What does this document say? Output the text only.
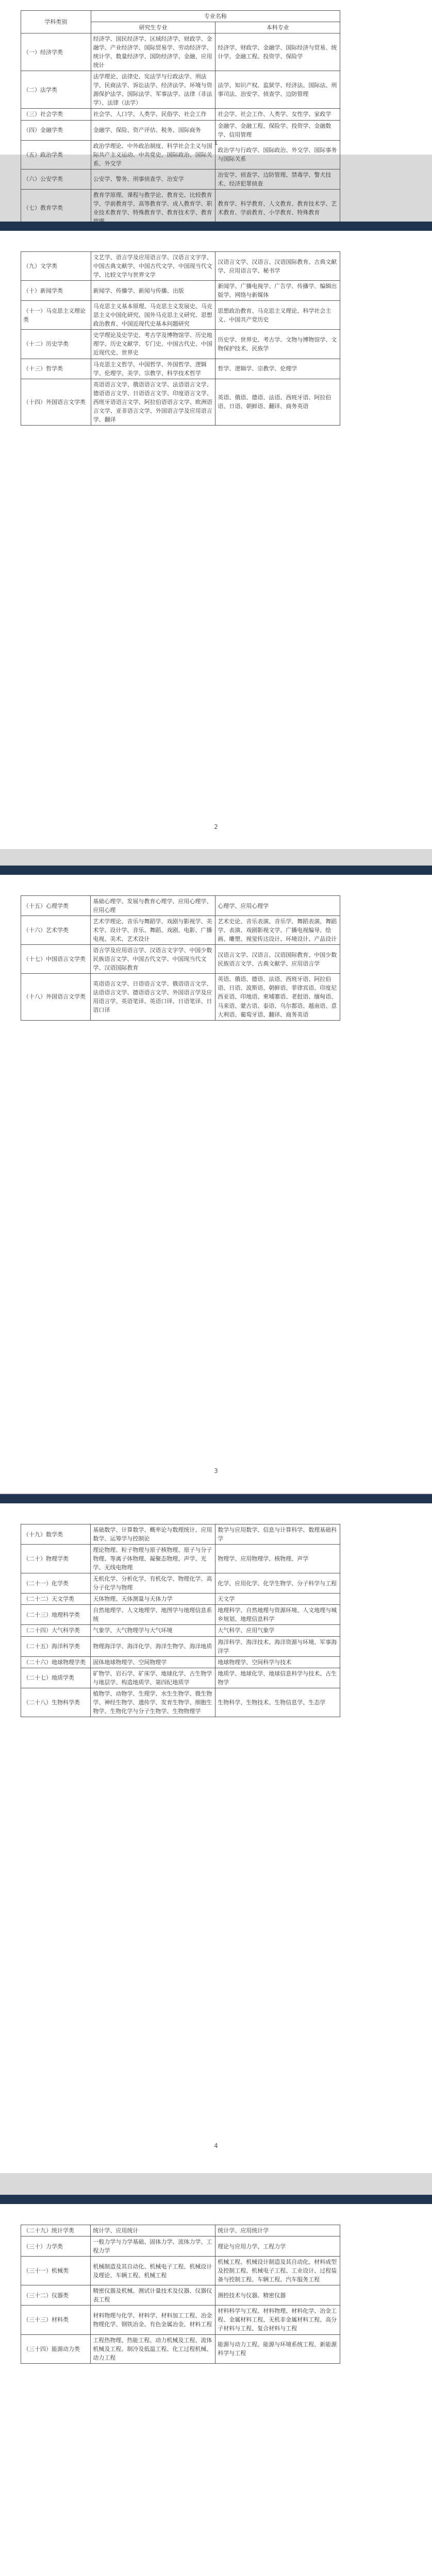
学科类别	专业名称	
	研究生专业	本科专业
（一）经济学类	经济学、国民经济学、区域经济学、财政学、金融学、产业经济学、国际贸易学、劳动经济学、统计学、数量经济学、国防经济学、金融、应用统计	经济学、财政学、金融学、国际经济与贸易、统计学、金融工程、投资学、保险学
（二）法学类	法学理论、法律史、宪法学与行政法学、刑法学、民商法学、诉讼法学、经济法学、环境与资源保护法学、国际法学、军事法学、法律（非法学）、法律（法学）	法学、知识产权、监狱学、经济法、国际法、刑事司法、治安学、侦查学、边防管理
（三）社会学类	社会学、人口学、人类学、民俗学、社会工作	社会学、社会工作、人类学、女性学、家政学
（四）金融学类	金融学、保险、资产评估、税务、国际商务	金融学、金融工程、保险学、投资学、金融数学、信用管理
（五）政治学类	政治学理论、中外政治制度、科学社会主义与国际共产主义运动、中共党史、国际政治、国际关系、外交学	政治学与行政学、国际政治、外交学、国际事务与国际关系
（六）公安学类	公安学、警务、刑事侦查学、治安学	治安学、侦查学、边防管理、禁毒学、警犬技术、经济犯罪侦查
（七）教育学类	教育学原理、课程与教学论、教育史、比较教育学、学前教育学、高等教育学、成人教育学、职业技术教育学、特殊教育学、教育技术学、教育	教育学、科学教育、人文教育、教育技术学、艺术教育、学前教育、小学教育、特殊教育

1
（九）文学类	文艺学、语言学及应用语言学、汉语言文字学、中国古典文献学、中国古代文学、中国现当代文学、比较文学与世界文学	汉语言文学、汉语言、汉语国际教育、古典文献学、应用语言学、秘书学
（十）新闻学类	新闻学、传播学、新闻与传播、出版	新闻学、广播电视学、广告学、传播学、编辑出版学、网络与新媒体
（十一）马克思主义理论类	马克思主义基本原理、马克思主义发展史、马克思主义中国化研究、国外马克思主义研究、思想政治教育、中国近现代史基本问题研究	思想政治教育、马克思主义理论、科学社会主义、中国共产党历史
（十二）历史学类	史学理论及史学史、考古学及博物馆学、历史地理学、历史文献学、专门史、中国古代史、中国近现代史、世界史	历史学、世界史、考古学、文物与博物馆学、文物保护技术、民族学
（十三）哲学类	马克思主义哲学、中国哲学、外国哲学、逻辑学、伦理学、美学、宗教学、科学技术哲学	哲学、逻辑学、宗教学、伦理学
（十四）外国语言文学类	英语语言文学、俄语语言文学、法语语言文学、德语语言文学、日语语言文学、印度语言文学、西班牙语语言文学、阿拉伯语语言文学、欧洲语言文学、亚非语言文学、外国语言学及应用语言学、翻译	英语、俄语、德语、法语、西班牙语、阿拉伯语、日语、朝鲜语、翻译、商务英语
2
（十五）心理学类	基础心理学、发展与教育心理学、应用心理学、应用心理	心理学、应用心理学
（十六）艺术学类	艺术学理论、音乐与舞蹈学、戏剧与影视学、美术学、设计学、音乐、舞蹈、戏剧、电影、广播电视、美术、艺术设计	艺术史论、音乐表演、音乐学、舞蹈表演、舞蹈学、表演、戏剧影视文学、广播电视编导、绘画、雕塑、视觉传达设计、环境设计、产品设计
（十七）中国语言文学类	语言学及应用语言学、汉语言文字学、中国少数民族语言文学、中国古代文学、中国现当代文学、汉语国际教育	汉语言文学、汉语言、汉语国际教育、中国少数民族语言文学、古典文献学、应用语言学
（十八）外国语言文学类	英语语言文学、日语语言文学、俄语语言文学、法语语言文学、德语语言文学、外国语言学及应用语言学、英语笔译、英语口译、日语笔译、日语口译	英语、俄语、德语、法语、西班牙语、阿拉伯语、日语、波斯语、朝鲜语、菲律宾语、印度尼西亚语、印地语、柬埔寨语、老挝语、缅甸语、马来语、蒙古语、泰语、乌尔都语、越南语、意大利语、葡萄牙语、翻译、商务英语
3
（十九）数学类	基础数学、计算数学、概率论与数理统计、应用数学、运筹学与控制论	数学与应用数学、信息与计算科学、数理基础科学
（二十）物理学类	理论物理、粒子物理与原子核物理、原子与分子物理、等离子体物理、凝聚态物理、声学、光学、无线电物理	物理学、应用物理学、核物理、声学
（二十一）化学类	无机化学、分析化学、有机化学、物理化学、高分子化学与物理	化学、应用化学、化学生物学、分子科学与工程
（二十二）天文学类	天体物理、天体测量与天体力学	天文学
（二十三）地理科学类	自然地理学、人文地理学、地图学与地理信息系统	地理科学、自然地理与资源环境、人文地理与城乡规划、地理信息科学
（二十四）大气科学类	气象学、大气物理学与大气环境	大气科学、应用气象学
（二十五）海洋科学类	物理海洋学、海洋化学、海洋生物学、海洋地质	海洋科学、海洋技术、海洋资源与环境、军事海洋学
（二十六）地球物理学类	固体地球物理学、空间物理学	地球物理学、空间科学与技术
（二十七）地质学类	矿物学、岩石学、矿床学、地球化学、古生物学与地层学、构造地质学、第四纪地质学	地质学、地球化学、地球信息科学与技术、古生物学
（二十八）生物科学类	植物学、动物学、生理学、水生生物学、微生物学、神经生物学、遗传学、发育生物学、细胞生物学、生物化学与分子生物学、生物物理学	生物科学、生物技术、生物信息学、生态学
4
（二十九）统计学类	统计学、应用统计	统计学、应用统计学
（三十）力学类	一般力学与力学基础、固体力学、流体力学、工程力学	理论与应用力学、工程力学
（三十一）机械类	机械制造及其自动化、机械电子工程、机械设计及理论、车辆工程、机械工程	机械工程、机械设计制造及其自动化、材料成型及控制工程、机械电子工程、工业设计、过程装备与控制工程、车辆工程、汽车服务工程
（三十二）仪器类	精密仪器及机械、测试计量技术及仪器、仪器仪表工程	测控技术与仪器、精密仪器
（三十三）材料类	材料物理与化学、材料学、材料加工工程、冶金物理化学、钢铁冶金、有色金属冶金、材料工程	材料科学与工程、材料物理、材料化学、冶金工程、金属材料工程、无机非金属材料工程、高分子材料与工程、复合材料与工程
（三十四）能源动力类	工程热物理、热能工程、动力机械及工程、流体机械及工程、制冷及低温工程、化工过程机械、动力工程	能源与动力工程、能源与环境系统工程、新能源科学与工程
